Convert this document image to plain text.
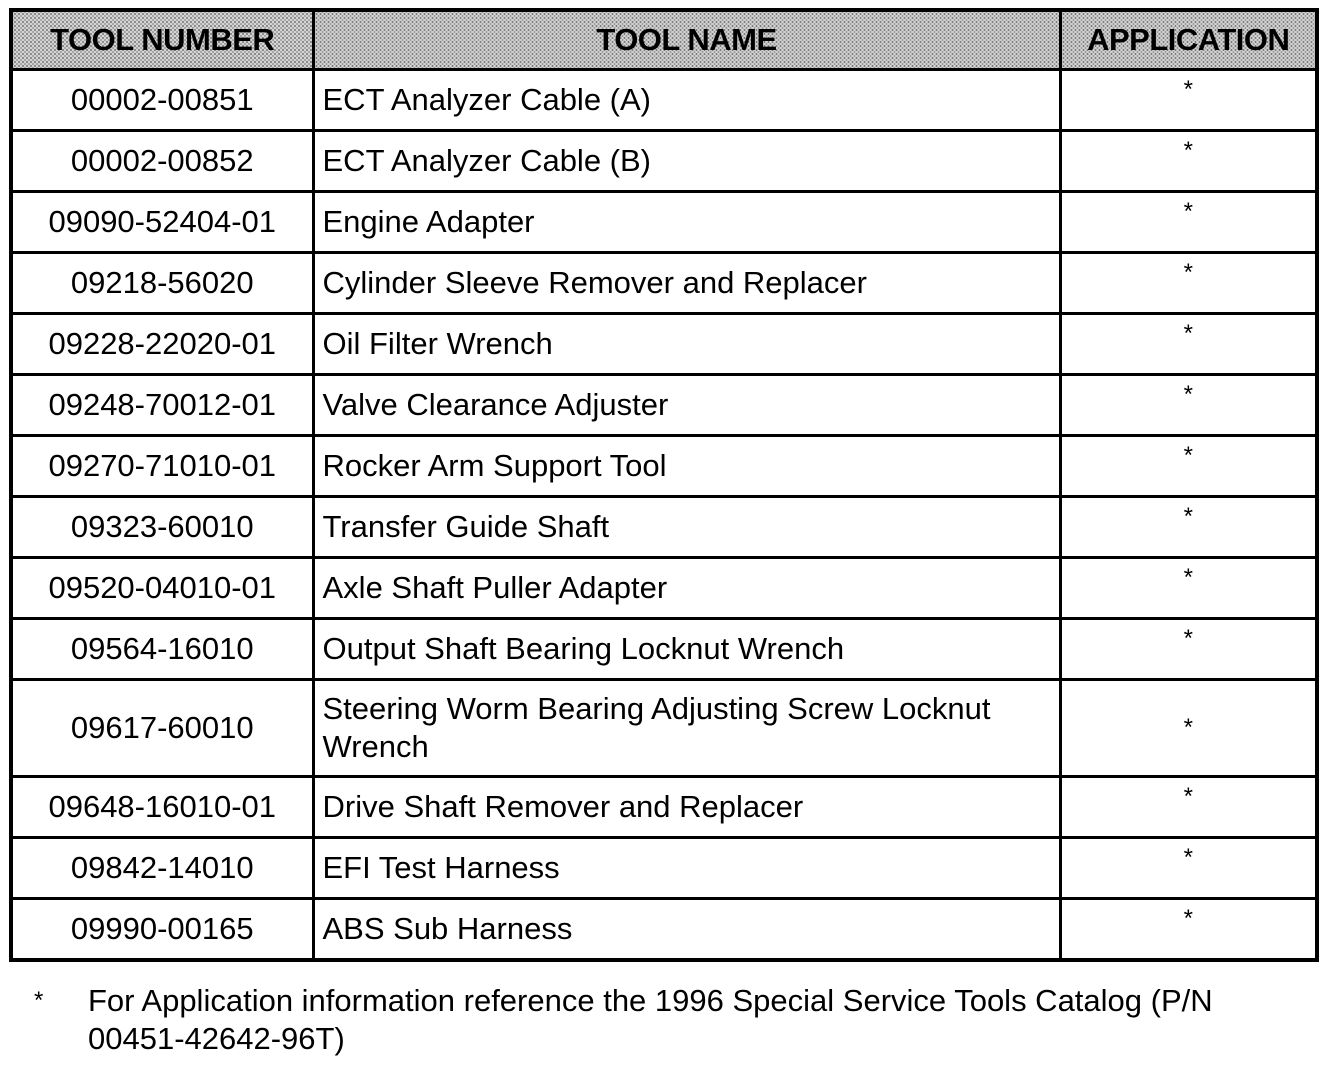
TOOL NUMBER	TOOL NAME	APPLICATION
00002-00851	ECT Analyzer Cable (A)	*
00002-00852	ECT Analyzer Cable (B)	*
09090-52404-01	Engine Adapter	*
09218-56020	Cylinder Sleeve Remover and Replacer	*
09228-22020-01	Oil Filter Wrench	*
09248-70012-01	Valve Clearance Adjuster	*
09270-71010-01	Rocker Arm Support Tool	*
09323-60010	Transfer Guide Shaft	*
09520-04010-01	Axle Shaft Puller Adapter	*
09564-16010	Output Shaft Bearing Locknut Wrench	*
09617-60010	Steering Worm Bearing Adjusting Screw Locknut Wrench	*
09648-16010-01	Drive Shaft Remover and Replacer	*
09842-14010	EFI Test Harness	*
09990-00165	ABS Sub Harness	*
*	For Application information reference the 1996 Special Service Tools Catalog (P/N 00451-42642-96T)
